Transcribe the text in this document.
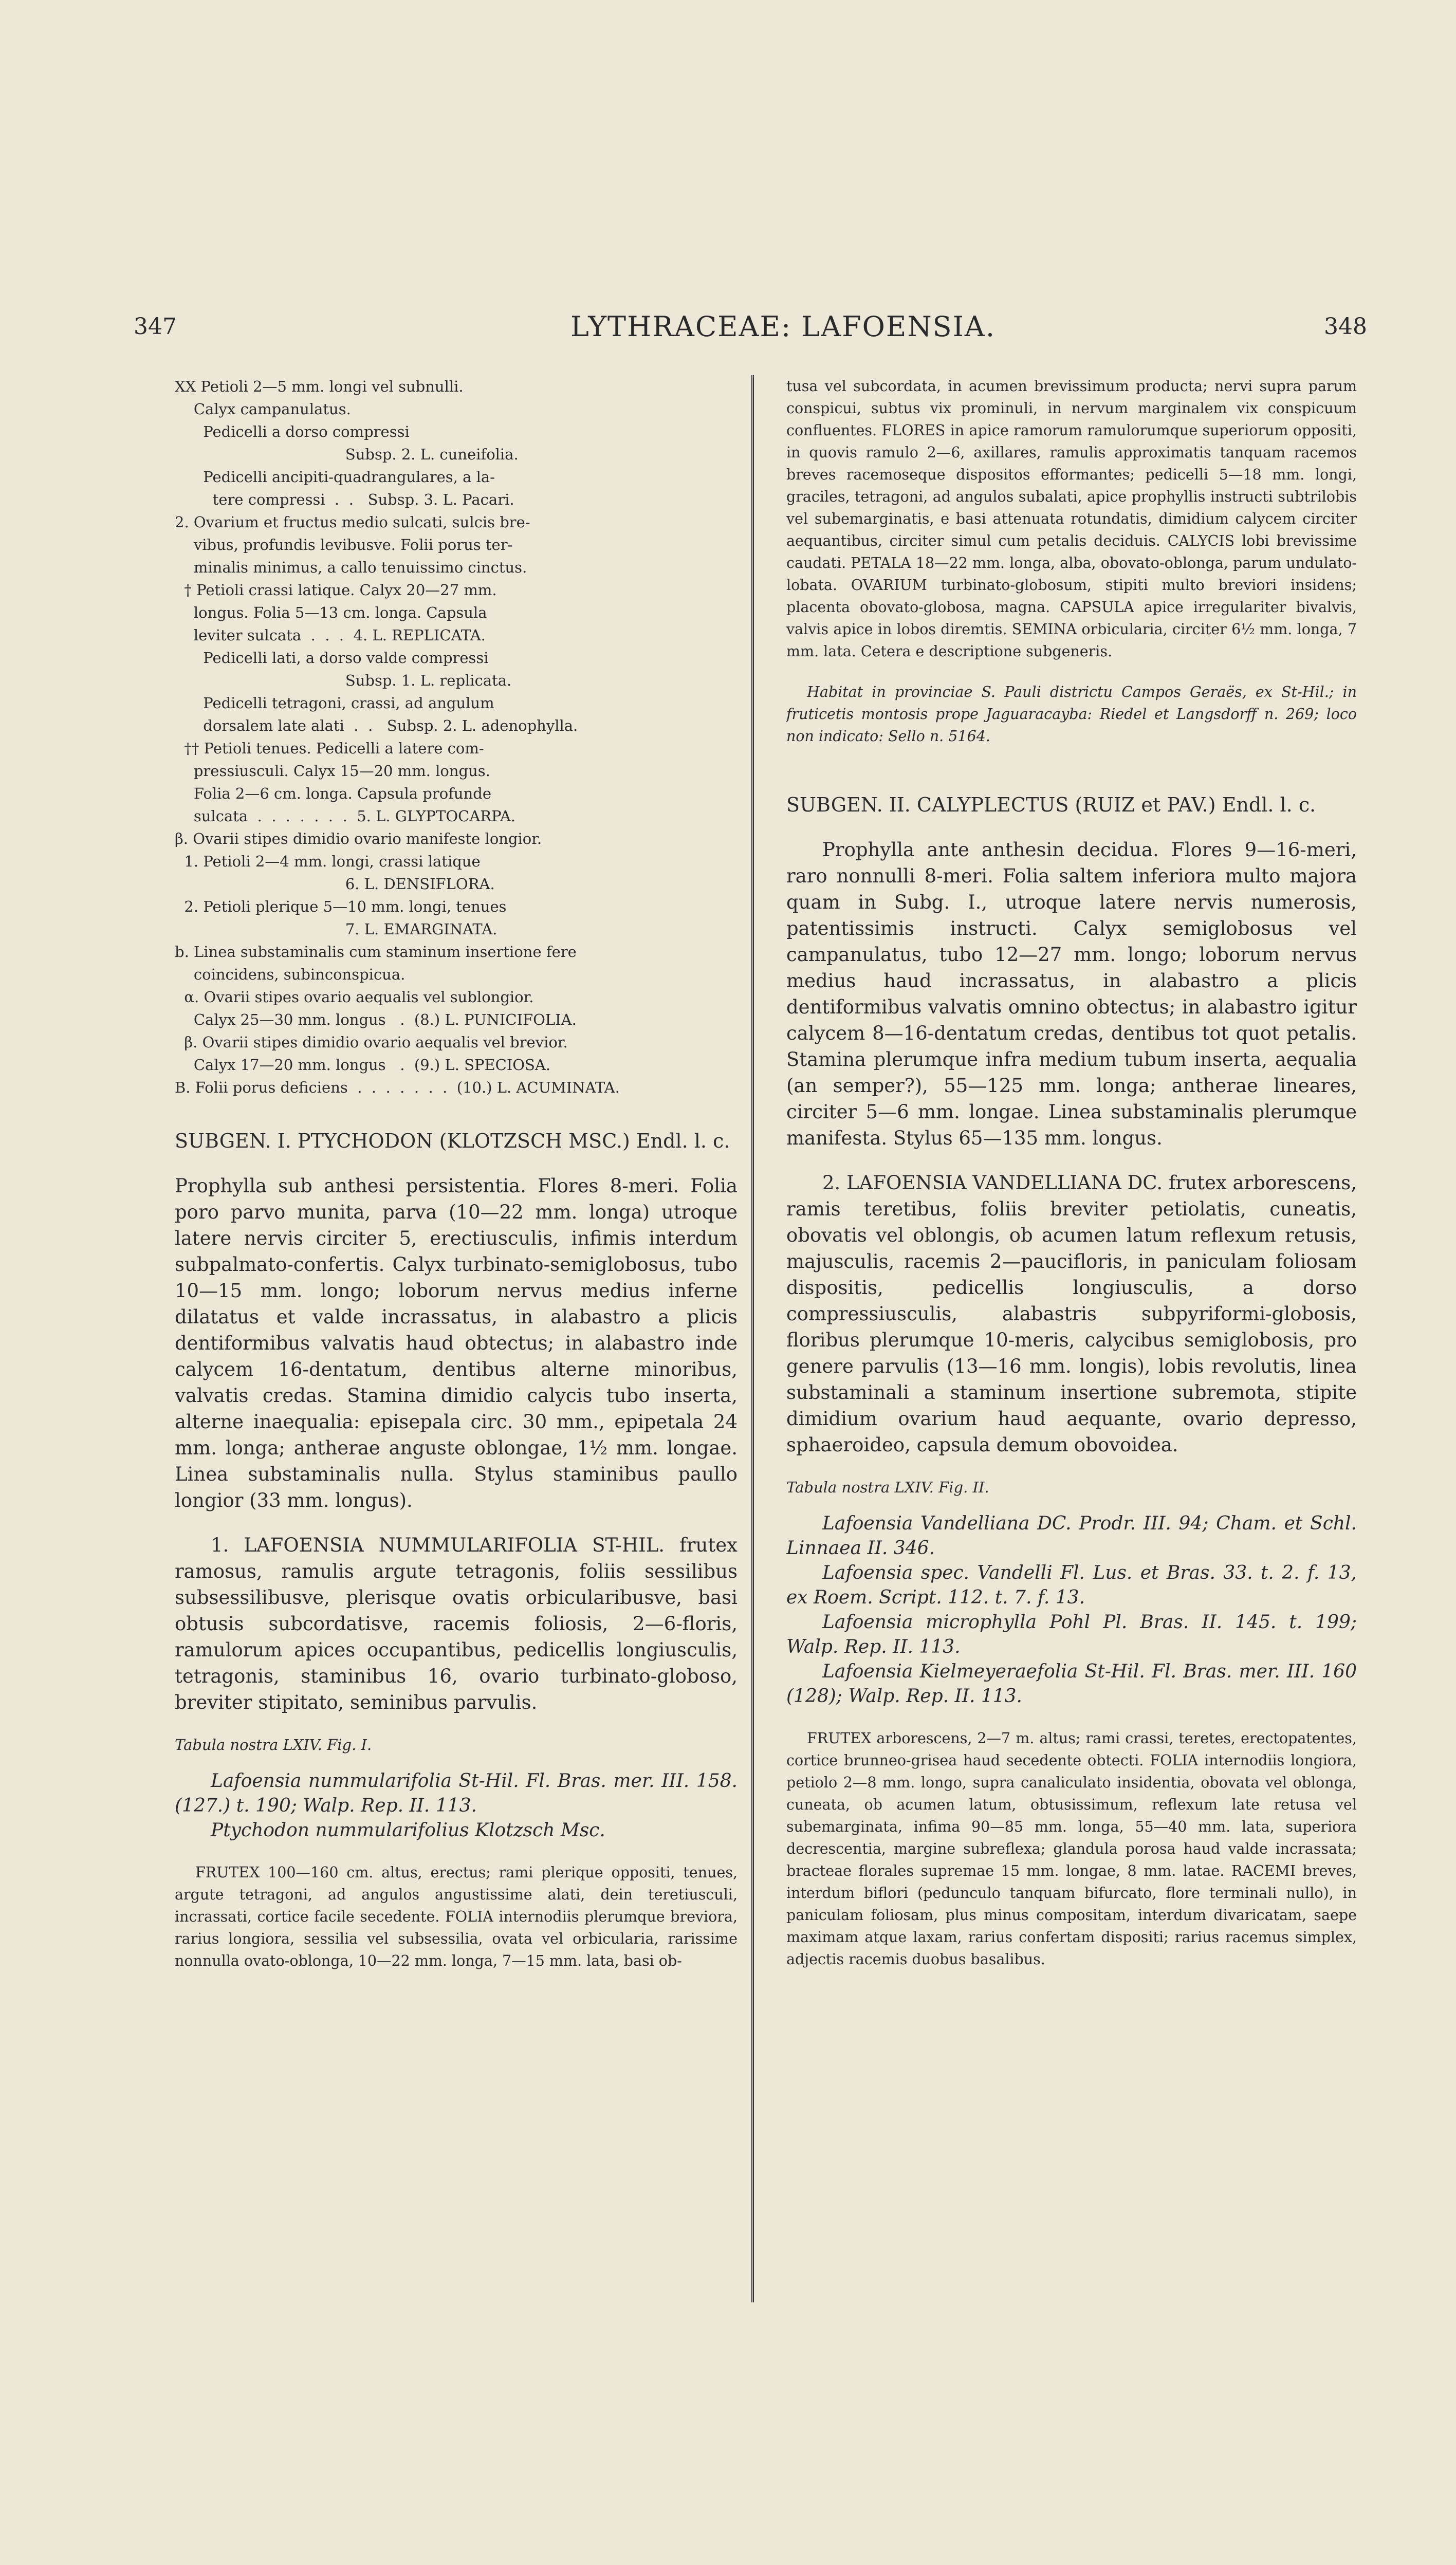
347	LYTHRACEAE: LAFOENSIA.	348
XX Petioli 2—5 mm. longi vel subnulli.
Calyx campanulatus.
Pedicelli a dorso compressi
Subsp. 2. L. cuneifolia.
Pedicelli ancipiti-quadrangulares, a la-
tere compressi  .  .   Subsp. 3. L. Pacari.
2. Ovarium et fructus medio sulcati, sulcis bre-
vibus, profundis levibusve. Folii porus ter-
minalis minimus, a callo tenuissimo cinctus.
† Petioli crassi latique. Calyx 20—27 mm.
longus. Folia 5—13 cm. longa. Capsula
leviter sulcata  .  .  .  4. L. REPLICATA.
Pedicelli lati, a dorso valde compressi
Subsp. 1. L. replicata.
Pedicelli tetragoni, crassi, ad angulum
dorsalem late alati  .  .   Subsp. 2. L. adenophylla.
†† Petioli tenues. Pedicelli a latere com-
pressiusculi. Calyx 15—20 mm. longus.
Folia 2—6 cm. longa. Capsula profunde
sulcata  .  .  .  .  .  .  .  5. L. GLYPTOCARPA.
β. Ovarii stipes dimidio ovario manifeste longior.
1. Petioli 2—4 mm. longi, crassi latique
6. L. DENSIFLORA.
2. Petioli plerique 5—10 mm. longi, tenues
7. L. EMARGINATA.
b. Linea substaminalis cum staminum insertione fere
coincidens, subinconspicua.
α. Ovarii stipes ovario aequalis vel sublongior.
Calyx 25—30 mm. longus   .  (8.) L. PUNICIFOLIA.
β. Ovarii stipes dimidio ovario aequalis vel brevior.
Calyx 17—20 mm. longus   .  (9.) L. SPECIOSA.
B. Folii porus deficiens  .  .  .  .  .  .  .  (10.) L. ACUMINATA.

SUBGEN. I. PTYCHODON (KLOTZSCH MSC.) Endl. l. c.

Prophylla sub anthesi persistentia. Flores 8-meri. Folia poro parvo munita, parva (10—22 mm. longa) utroque latere nervis circiter 5, erectiusculis, infimis interdum subpalmato-confertis. Calyx turbinato-semiglobosus, tubo 10—15 mm. longo; loborum nervus medius inferne dilatatus et valde incrassatus, in alabastro a plicis dentiformibus valvatis haud obtectus; in alabastro inde calycem 16-dentatum, dentibus alterne minoribus, valvatis credas. Stamina dimidio calycis tubo inserta, alterne inaequalia: episepala circ. 30 mm., epipetala 24 mm. longa; antherae anguste oblongae, 1½ mm. longae. Linea substaminalis nulla. Stylus staminibus paullo longior (33 mm. longus).

1. LAFOENSIA NUMMULARIFOLIA ST-HIL. frutex ramosus, ramulis argute tetragonis, foliis sessilibus subsessilibusve, plerisque ovatis orbicularibusve, basi obtusis subcordatisve, racemis foliosis, 2—6-floris, ramulorum apices occupantibus, pedicellis longiusculis, tetragonis, staminibus 16, ovario turbinato-globoso, breviter stipitato, seminibus parvulis.

Tabula nostra LXIV. Fig. I.

Lafoensia nummularifolia St-Hil. Fl. Bras. mer. III. 158. (127.) t. 190; Walp. Rep. II. 113.

Ptychodon nummularifolius Klotzsch Msc.

FRUTEX 100—160 cm. altus, erectus; rami plerique oppositi, tenues, argute tetragoni, ad angulos angustissime alati, dein teretiusculi, incrassati, cortice facile secedente. FOLIA internodiis plerumque breviora, rarius longiora, sessilia vel subsessilia, ovata vel orbicularia, rarissime nonnulla ovato-oblonga, 10—22 mm. longa, 7—15 mm. lata, basi ob-

tusa vel subcordata, in acumen brevissimum producta; nervi supra parum conspicui, subtus vix prominuli, in nervum marginalem vix conspicuum confluentes. FLORES in apice ramorum ramulorumque superiorum oppositi, in quovis ramulo 2—6, axillares, ramulis approximatis tanquam racemos breves racemoseque dispositos efformantes; pedicelli 5—18 mm. longi, graciles, tetragoni, ad angulos subalati, apice prophyllis instructi subtrilobis vel subemarginatis, e basi attenuata rotundatis, dimidium calycem circiter aequantibus, circiter simul cum petalis deciduis. CALYCIS lobi brevissime caudati. PETALA 18—22 mm. longa, alba, obovato-oblonga, parum undulato-lobata. OVARIUM turbinato-globosum, stipiti multo breviori insidens; placenta obovato-globosa, magna. CAPSULA apice irregulariter bivalvis, valvis apice in lobos diremtis. SEMINA orbicularia, circiter 6½ mm. longa, 7 mm. lata. Cetera e descriptione subgeneris.

Habitat in provinciae S. Pauli districtu Campos Geraës, ex St-Hil.; in fruticetis montosis prope Jaguaracayba: Riedel et Langsdorff n. 269; loco non indicato: Sello n. 5164.

SUBGEN. II. CALYPLECTUS (RUIZ et PAV.) Endl. l. c.

Prophylla ante anthesin decidua. Flores 9—16-meri, raro nonnulli 8-meri. Folia saltem inferiora multo majora quam in Subg. I., utroque latere nervis numerosis, patentissimis instructi. Calyx semiglobosus vel campanulatus, tubo 12—27 mm. longo; loborum nervus medius haud incrassatus, in alabastro a plicis dentiformibus valvatis omnino obtectus; in alabastro igitur calycem 8—16-dentatum credas, dentibus tot quot petalis. Stamina plerumque infra medium tubum inserta, aequalia (an semper?), 55—125 mm. longa; antherae lineares, circiter 5—6 mm. longae. Linea substaminalis plerumque manifesta. Stylus 65—135 mm. longus.

2. LAFOENSIA VANDELLIANA DC. frutex arborescens, ramis teretibus, foliis breviter petiolatis, cuneatis, obovatis vel oblongis, ob acumen latum reflexum retusis, majusculis, racemis 2—paucifloris, in paniculam foliosam dispositis, pedicellis longiusculis, a dorso compressiusculis, alabastris subpyriformi-globosis, floribus plerumque 10-meris, calycibus semiglobosis, pro genere parvulis (13—16 mm. longis), lobis revolutis, linea substaminali a staminum insertione subremota, stipite dimidium ovarium haud aequante, ovario depresso, sphaeroideo, capsula demum obovoidea.

Tabula nostra LXIV. Fig. II.

Lafoensia Vandelliana DC. Prodr. III. 94; Cham. et Schl. Linnaea II. 346.

Lafoensia spec. Vandelli Fl. Lus. et Bras. 33. t. 2. f. 13, ex Roem. Script. 112. t. 7. f. 13.

Lafoensia microphylla Pohl Pl. Bras. II. 145. t. 199; Walp. Rep. II. 113.

Lafoensia Kielmeyeraefolia St-Hil. Fl. Bras. mer. III. 160 (128); Walp. Rep. II. 113.

FRUTEX arborescens, 2—7 m. altus; rami crassi, teretes, erectopatentes, cortice brunneo-grisea haud secedente obtecti. FOLIA internodiis longiora, petiolo 2—8 mm. longo, supra canaliculato insidentia, obovata vel oblonga, cuneata, ob acumen latum, obtusissimum, reflexum late retusa vel subemarginata, infima 90—85 mm. longa, 55—40 mm. lata, superiora decrescentia, margine subreflexa; glandula porosa haud valde incrassata; bracteae florales supremae 15 mm. longae, 8 mm. latae. RACEMI breves, interdum biflori (pedunculo tanquam bifurcato, flore terminali nullo), in paniculam foliosam, plus minus compositam, interdum divaricatam, saepe maximam atque laxam, rarius confertam dispositi; rarius racemus simplex, adjectis racemis duobus basalibus.
